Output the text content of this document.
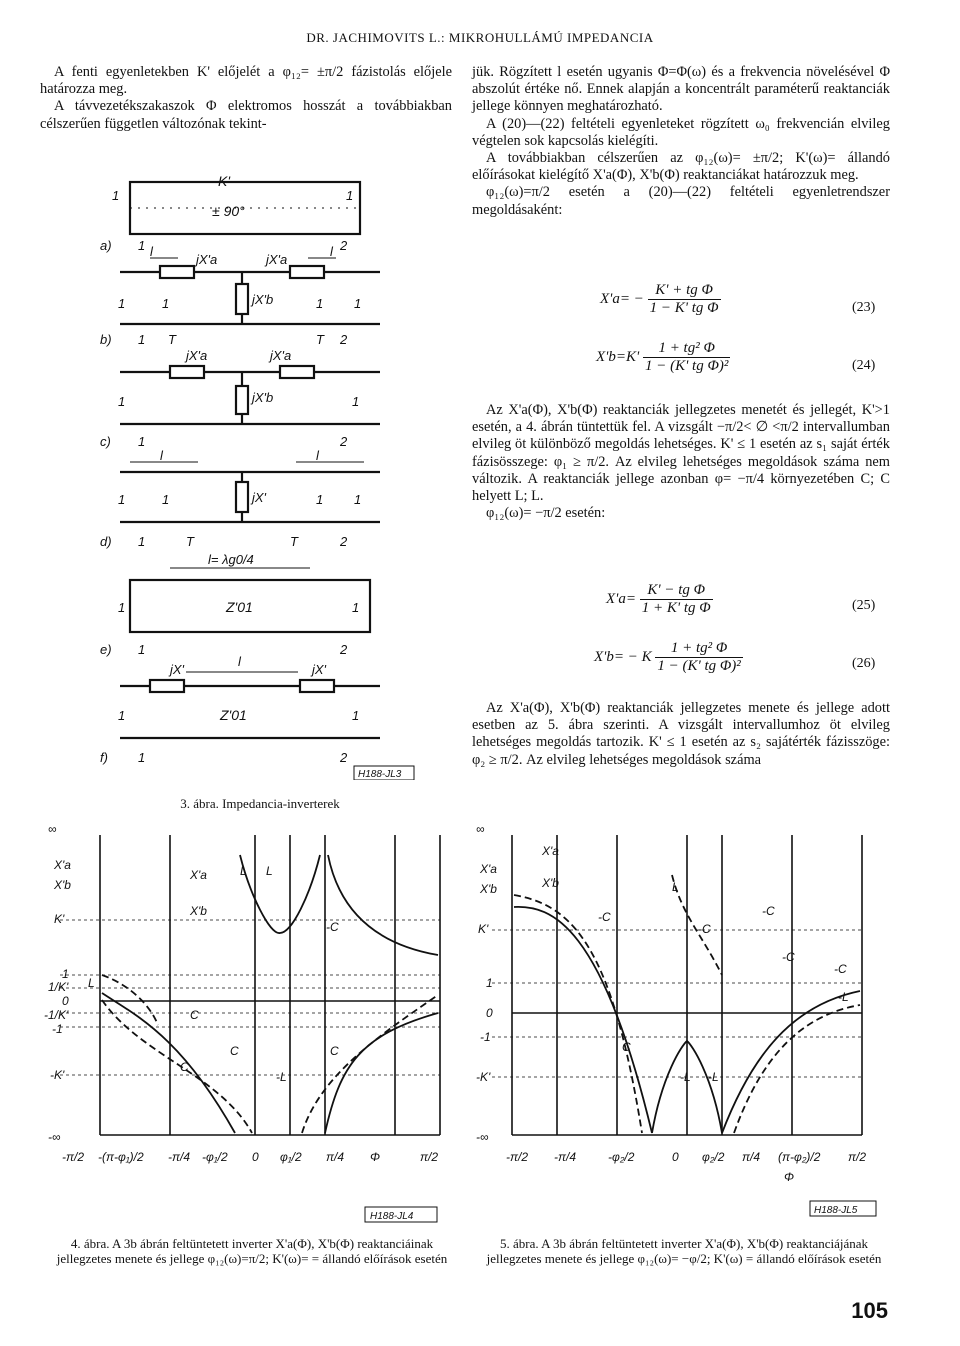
DR. JACHIMOVITS L.: MIKROHULLÁMÚ IMPEDANCIA

A fenti egyenletekben K' előjelét a φ₁₂= ±π/2 fázistolás előjele határozza meg.

A távvezetékszakaszok Φ elektromos hosszát a továbbiakban célszerűen független változónak tekint-

jük. Rögzített l esetén ugyanis Φ=Φ(ω) és a frekvencia növelésével Φ abszolút értéke nő. Ennek alapján a koncentrált paraméterű reaktanciák jellege könnyen meghatározható.

A (20)—(22) feltételi egyenleteket rögzített ω₀ frekvencián elvileg végtelen sok kapcsolás kielégíti.

A továbbiakban célszerűen az φ₁₂(ω)= ±π/2; K'(ω)= állandó előírásokat kielégítő X'a(Φ), X'b(Φ) reaktanciákat határozzuk meg.

φ₁₂(ω)=π/2 esetén a (20)—(22) feltételi egyenletrendszer megoldásaként:

$X'a= - \frac{\text{K' + tg Φ}}{\text{1 − K' tg Φ}}$	(23)
$X'b=K' \frac{\text{1 + tg² Φ}}{\text{1 − (K' tg Φ)²}}$	(24)

Az X'a(Φ), X'b(Φ) reaktanciák jellegzetes menetét és jellegét, K'>1 esetén, a 4. ábrán tüntettük fel. A vizsgált −π/2< ∅ <π/2 intervallumban elvileg öt különböző megoldás lehetséges. K' ≤ 1 esetén az s₁ saját érték fázisösszege: φ₁ ≥ π/2. Az elvileg lehetséges megoldások száma nem változik. A reaktanciák jellege azonban φ= −π/4 környezetében C; C helyett L; L.

φ₁₂(ω)= −π/2 esetén:

$X'a= \frac{\text{K' − tg Φ}}{\text{1 + K' tg Φ}}$	(25)
X'b= − K $\frac{\text{1 + tg² Φ}}{\text{1 − (K' tg Φ)²}}$	(26)

Az X'a(Φ), X'b(Φ) reaktanciák jellegzetes menete és jellege adott esetben az 5. ábra szerinti. A vizsgált intervallumhoz öt elvileg lehetséges megoldás tartozik. K' ≤ 1 esetén az s₂ sajátérték fázisszöge: φ₂ ≥ π/2. Az elvileg lehetséges megoldások száma

K'
± 90°
1	1
a) 1	2
l	l
jX'a	jX'a
jX'b
1	1	1 1
b) 1 T	T 2
jX'a	jX'a
jX'b
1	1
c) 1	2
l	l
jX'
1	1	1 1
d) 1	T	T	2
l= λg0/4
Z'01
1	1
e) 1	2
jX'	jX'
l
Z'01
1	1
f) 1	2
H188-JL3
3. ábra. Impedancia-inverterek
∞
X'a
X'b
K'
1
1/K'
0
-1/K'
-1
-K'
-∞
-π/2 -(π-φ₁)/2 -π/4 -φ₁/2 0 φ₁/2 π/4 Φ	π/2
X'a
X'b
L L
L
C
C
C
C
-C
-L
H188-JL4
4. ábra. A 3b ábrán feltüntetett inverter X'a(Φ), X'b(Φ) reaktanciáinak jellegzetes menete és jellege φ₁₂(ω)=π/2; K'(ω)= = állandó előírások esetén
∞
X'a
X'b
K'
1
0
-1
-K'
-∞
-π/2 -π/4	-φ₂/2	0 φ₂/2 π/4 (π-φ₂)/2 π/2
Φ
X'a
X'b	L
-C
-C
-C
-C
-C
-L
C
-L -L
H188-JL5
5. ábra. A 3b ábrán feltüntetett inverter X'a(Φ), X'b(Φ) reaktanciájának jellegzetes menete és jellege φ₁₂(ω)= −φ/2; K'(ω) = állandó előírások esetén
105
